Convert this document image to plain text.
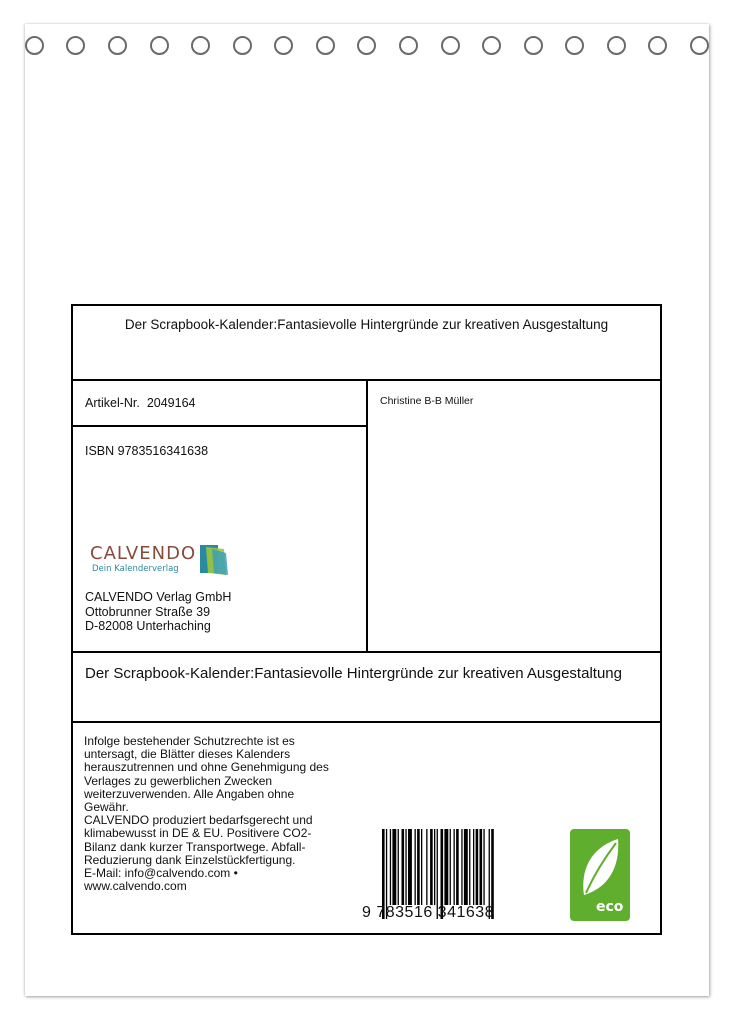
Der Scrapbook-Kalender:Fantasievolle Hintergründe zur kreativen Ausgestaltung
Artikel-Nr. 2049164	Christine B-B Müller
ISBN 9783516341638
CALVENDO
Dein Kalenderverlag
CALVENDO Verlag GmbH
Ottobrunner Straße 39
D-82008 Unterhaching
Der Scrapbook-Kalender:Fantasievolle Hintergründe zur kreativen Ausgestaltung
Infolge bestehender Schutzrechte ist es
untersagt, die Blätter dieses Kalenders
herauszutrennen und ohne Genehmigung des
Verlages zu gewerblichen Zwecken
weiterzuverwenden. Alle Angaben ohne
Gewähr.
CALVENDO produziert bedarfsgerecht und
klimabewusst in DE & EU. Positivere CO2-
Bilanz dank kurzer Transportwege. Abfall-
Reduzierung dank Einzelstückfertigung.
E-Mail: info@calvendo.com •
www.calvendo.com
9 783516 341638	eco
